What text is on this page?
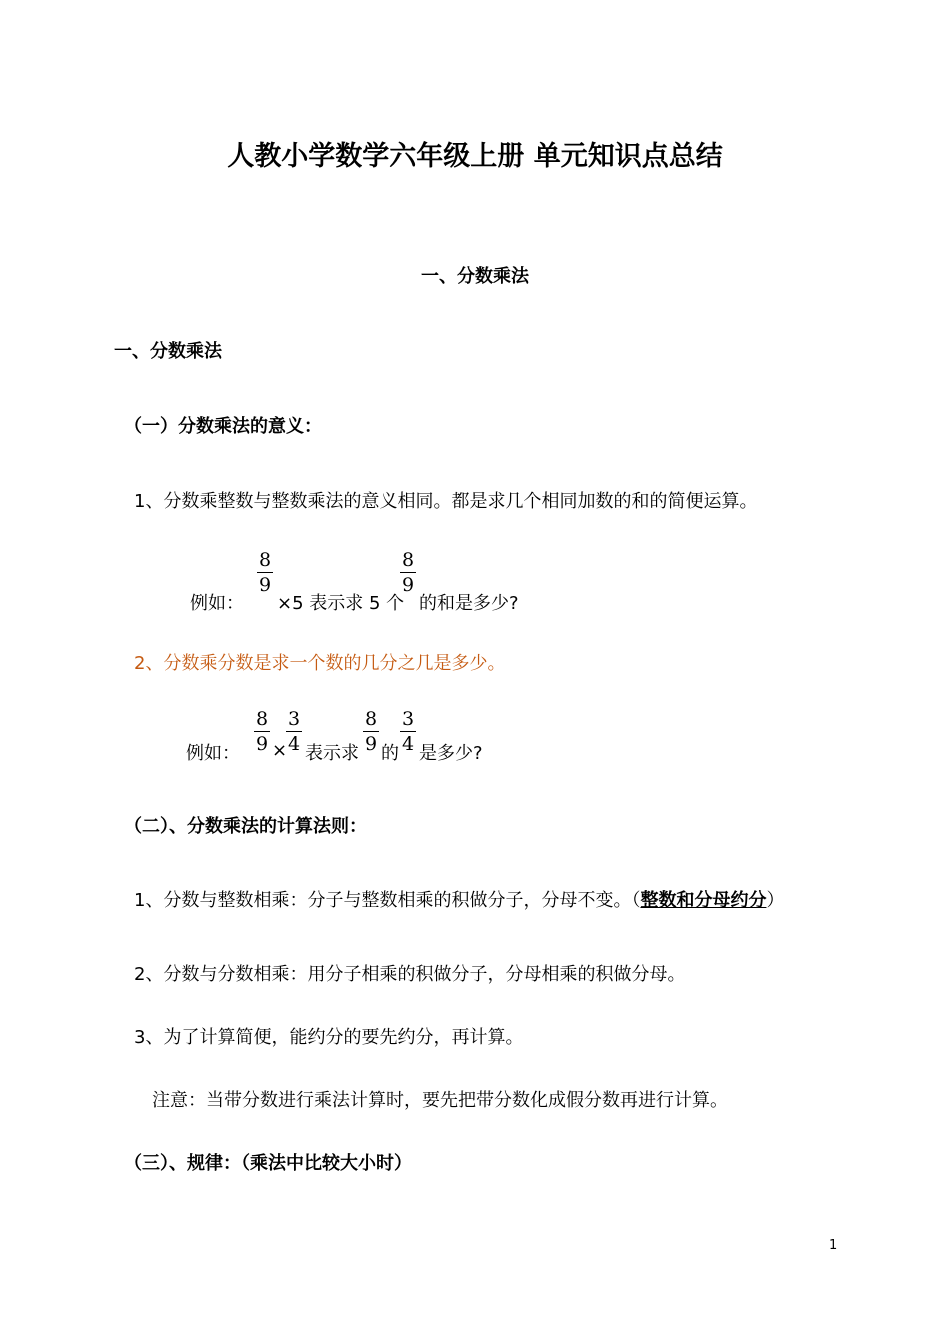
人教小学数学六年级上册 单元知识点总结
一、分数乘法
一、分数乘法
（一）分数乘法的意义：
1、分数乘整数与整数乘法的意义相同。都是求几个相同加数的和的简便运算。
例如：
8
9
×5 表示求 5 个
8
9
的和是多少?
2、分数乘分数是求一个数的几分之几是多少。
例如：
8
9 ×
3
4 表示求
8
9 的
3
4 是多少?
（二）、分数乘法的计算法则：
1、分数与整数相乘：分子与整数相乘的积做分子，分母不变。（整数和分母约分）
2、分数与分数相乘：用分子相乘的积做分子，分母相乘的积做分母。
3、为了计算简便，能约分的要先约分，再计算。
注意：当带分数进行乘法计算时，要先把带分数化成假分数再进行计算。
（三）、规律：（乘法中比较大小时）
1
